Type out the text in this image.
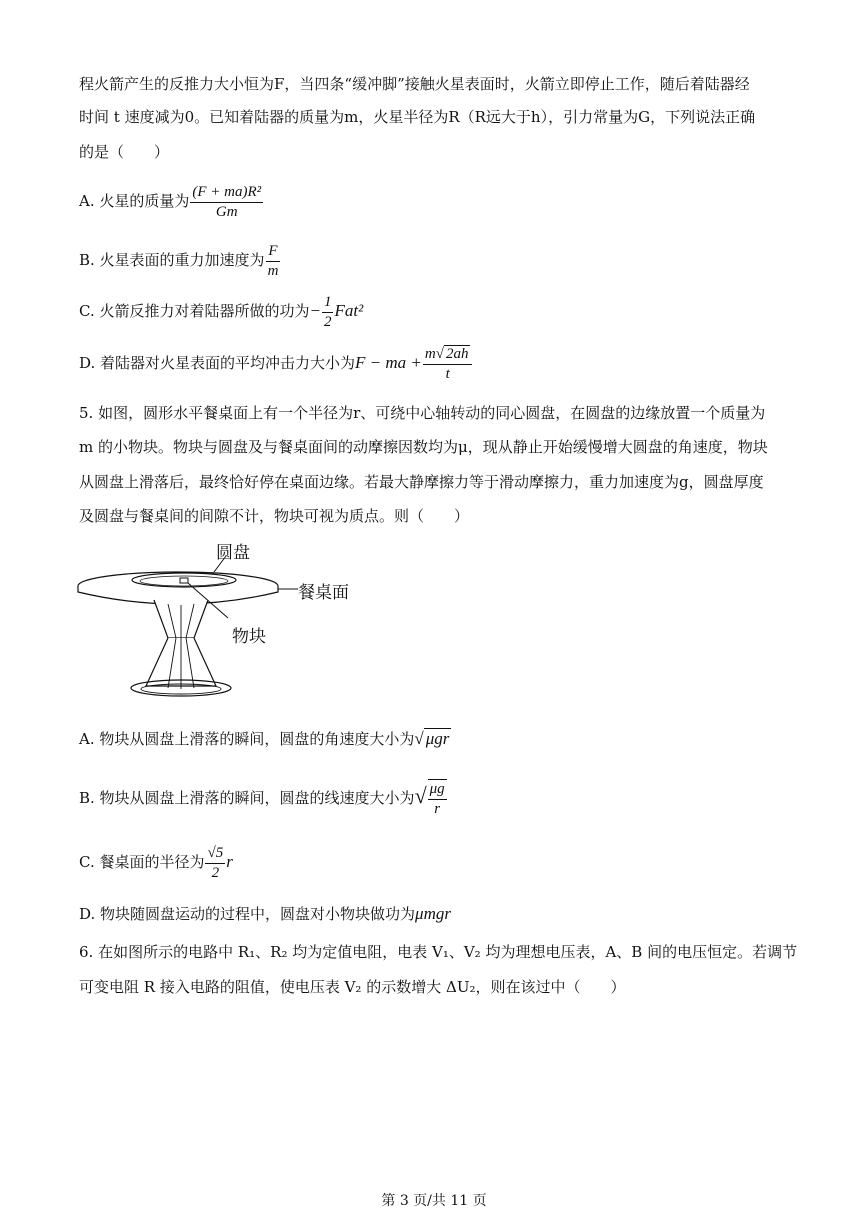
程火箭产生的反推力大小恒为F，当四条“缓冲脚”接触火星表面时，火箭立即停止工作，随后着陆器经
时间 t 速度减为0。已知着陆器的质量为m，火星半径为R（R远大于h），引力常量为G，下列说法正确
的是（　　）
A. 火星的质量为 $\frac{\text{(F + ma)R²}}{Gm}$
B. 火星表面的重力加速度为 $\frac{F}{m}$
C. 火箭反推力对着陆器所做的功为− $\frac{1}{2} Fat^2$
D. 着陆器对火星表面的平均冲击力大小为F − ma + $\frac{m√ 2ah}{t}$
5. 如图，圆形水平餐桌面上有一个半径为r、可绕中心轴转动的同心圆盘，在圆盘的边缘放置一个质量为
m 的小物块。物块与圆盘及与餐桌面间的动摩擦因数均为μ，现从静止开始缓慢增大圆盘的角速度，物块
从圆盘上滑落后，最终恰好停在桌面边缘。若最大静摩擦力等于滑动摩擦力，重力加速度为g，圆盘厚度
及圆盘与餐桌间的间隙不计，物块可视为质点。则（　　）
圆盘
餐桌面
物块
A. 物块从圆盘上滑落的瞬间，圆盘的角速度大小为√ μgr
B. 物块从圆盘上滑落的瞬间，圆盘的线速度大小为√ $\frac{\mu g}{r}$
C. 餐桌面的半径为 $\frac{√5}{2}$ r
D. 物块随圆盘运动的过程中，圆盘对小物块做功为μmgr
6. 在如图所示的电路中 R₁、R₂ 均为定值电阻，电表 V₁、V₂ 均为理想电压表，A、B 间的电压恒定。若调节
可变电阻 R 接入电路的阻值，使电压表 V₂ 的示数增大 ΔU₂，则在该过中（　　）
第 3 页/共 11 页
